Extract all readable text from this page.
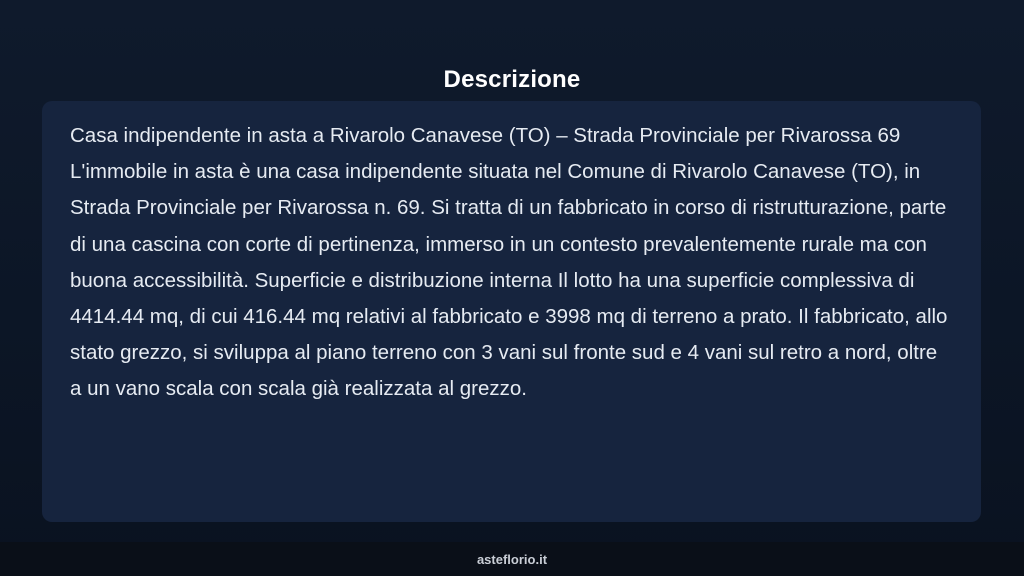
Descrizione

Casa indipendente in asta a Rivarolo Canavese (TO) – Strada Provinciale per Rivarossa 69 L'immobile in asta è una casa indipendente situata nel Comune di Rivarolo Canavese (TO), in Strada Provinciale per Rivarossa n. 69. Si tratta di un fabbricato in corso di ristrutturazione, parte di una cascina con corte di pertinenza, immerso in un contesto prevalentemente rurale ma con buona accessibilità. Superficie e distribuzione interna Il lotto ha una superficie complessiva di 4414.44 mq, di cui 416.44 mq relativi al fabbricato e 3998 mq di terreno a prato. Il fabbricato, allo stato grezzo, si sviluppa al piano terreno con 3 vani sul fronte sud e 4 vani sul retro a nord, oltre a un vano scala con scala già realizzata al grezzo.

asteflorio.it
